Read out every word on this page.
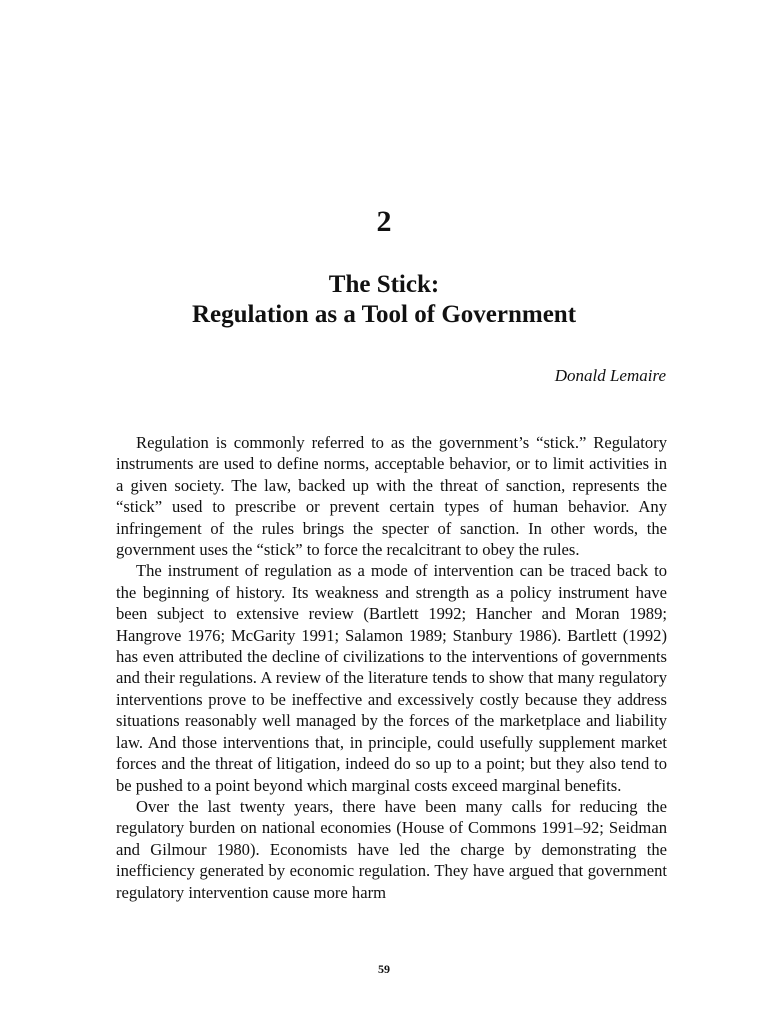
2
The Stick:
Regulation as a Tool of Government
Donald Lemaire

Regulation is commonly referred to as the government’s “stick.” Regulatory instruments are used to define norms, acceptable behavior, or to limit activities in a given society. The law, backed up with the threat of sanction, represents the “stick” used to prescribe or prevent certain types of human behavior. Any infringement of the rules brings the specter of sanction. In other words, the government uses the “stick” to force the recalcitrant to obey the rules.

The instrument of regulation as a mode of intervention can be traced back to the beginning of history. Its weakness and strength as a policy instrument have been subject to extensive review (Bartlett 1992; Hancher and Moran 1989; Hangrove 1976; McGarity 1991; Salamon 1989; Stanbury 1986). Bartlett (1992) has even attributed the decline of civilizations to the interventions of governments and their regulations. A review of the literature tends to show that many regulatory interventions prove to be ineffective and excessively costly because they address situations reasonably well managed by the forces of the marketplace and liability law. And those interventions that, in principle, could usefully supplement market forces and the threat of litigation, indeed do so up to a point; but they also tend to be pushed to a point beyond which marginal costs exceed marginal benefits.

Over the last twenty years, there have been many calls for reducing the regulatory burden on national economies (House of Commons 1991–92; Seidman and Gilmour 1980). Economists have led the charge by demonstrating the inefficiency generated by economic regulation. They have argued that government regulatory intervention cause more harm

59
